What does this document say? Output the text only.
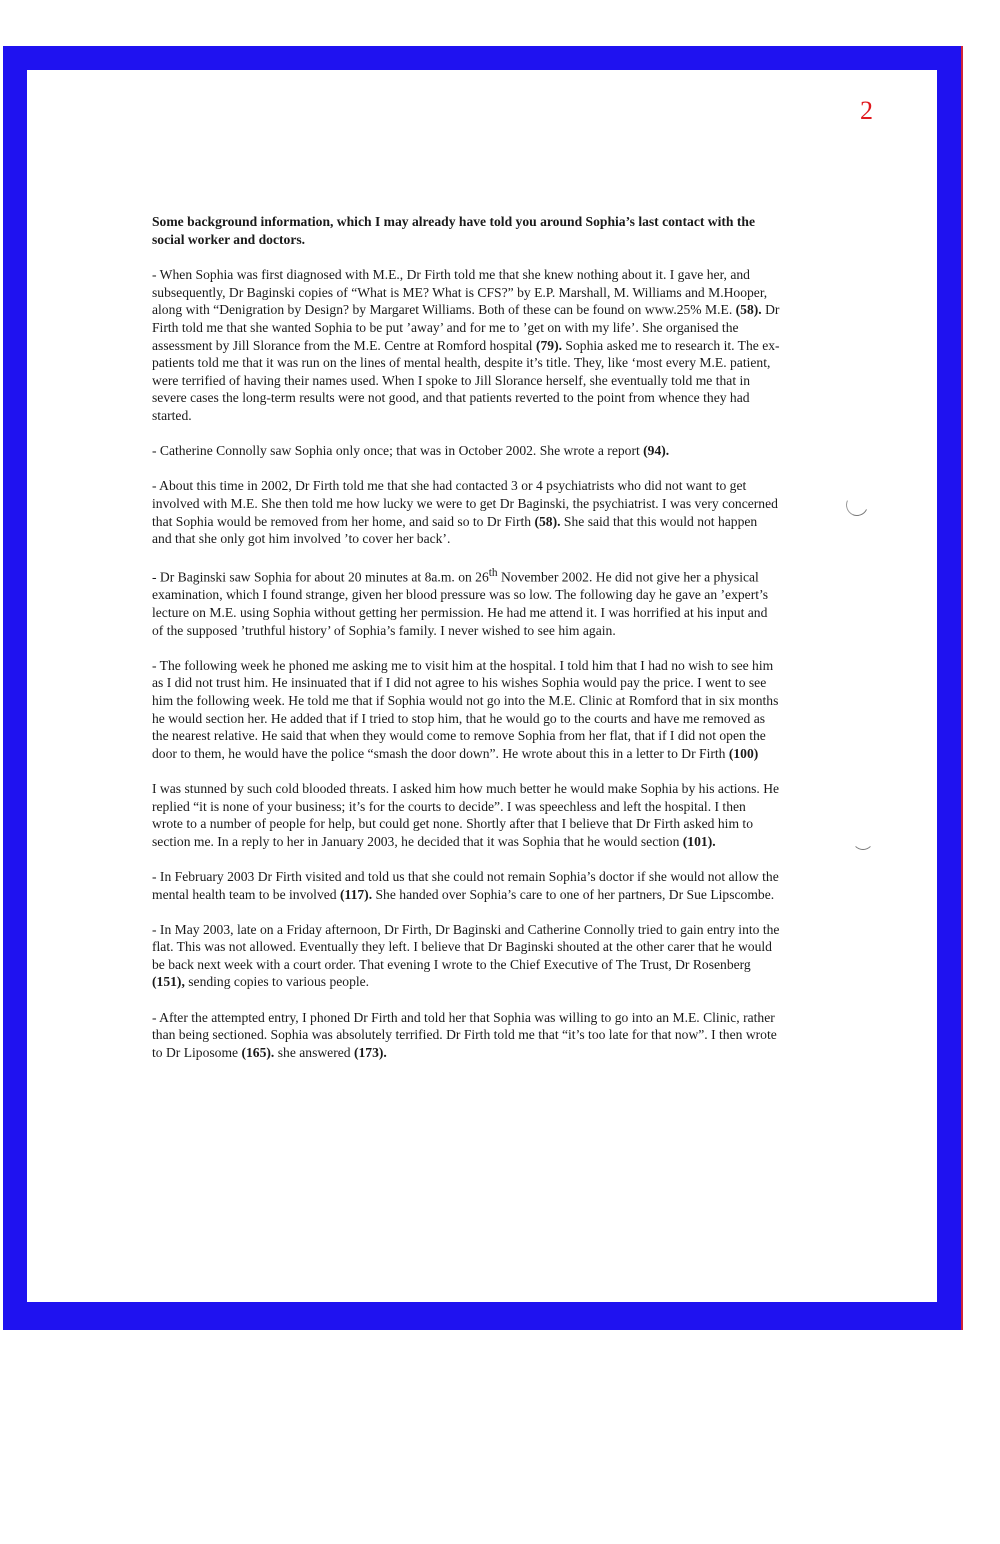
2

Some background information, which I may already have told you around Sophia’s last contact with the social worker and doctors.

- When Sophia was first diagnosed with M.E., Dr Firth told me that she knew nothing about it. I gave her, and subsequently, Dr Baginski copies of “What is ME? What is CFS?” by E.P. Marshall, M. Williams and M.Hooper, along with “Denigration by Design? by Margaret Williams. Both of these can be found on www.25% M.E. (58). Dr Firth told me that she wanted Sophia to be put ’away’ and for me to ’get on with my life’. She organised the assessment by Jill Slorance from the M.E. Centre at Romford hospital (79). Sophia asked me to research it. The ex-patients told me that it was run on the lines of mental health, despite it’s title. They, like ‘most every M.E. patient, were terrified of having their names used. When I spoke to Jill Slorance herself, she eventually told me that in severe cases the long-term results were not good, and that patients reverted to the point from whence they had started.

- Catherine Connolly saw Sophia only once; that was in October 2002. She wrote a report (94).

- About this time in 2002, Dr Firth told me that she had contacted 3 or 4 psychiatrists who did not want to get involved with M.E. She then told me how lucky we were to get Dr Baginski, the psychiatrist. I was very concerned that Sophia would be removed from her home, and said so to Dr Firth (58). She said that this would not happen and that she only got him involved ’to cover her back’.

- Dr Baginski saw Sophia for about 20 minutes at 8a.m. on 26th November 2002. He did not give her a physical examination, which I found strange, given her blood pressure was so low. The following day he gave an ’expert’s lecture on M.E. using Sophia without getting her permission. He had me attend it. I was horrified at his input and of the supposed ’truthful history’ of Sophia’s family. I never wished to see him again.

- The following week he phoned me asking me to visit him at the hospital. I told him that I had no wish to see him as I did not trust him. He insinuated that if I did not agree to his wishes Sophia would pay the price. I went to see him the following week. He told me that if Sophia would not go into the M.E. Clinic at Romford that in six months he would section her. He added that if I tried to stop him, that he would go to the courts and have me removed as the nearest relative. He said that when they would come to remove Sophia from her flat, that if I did not open the door to them, he would have the police “smash the door down”. He wrote about this in a letter to Dr Firth (100)

I was stunned by such cold blooded threats. I asked him how much better he would make Sophia by his actions. He replied “it is none of your business; it’s for the courts to decide”. I was speechless and left the hospital. I then wrote to a number of people for help, but could get none. Shortly after that I believe that Dr Firth asked him to section me. In a reply to her in January 2003, he decided that it was Sophia that he would section (101).

- In February 2003 Dr Firth visited and told us that she could not remain Sophia’s doctor if she would not allow the mental health team to be involved (117). She handed over Sophia’s care to one of her partners, Dr Sue Lipscombe.

- In May 2003, late on a Friday afternoon, Dr Firth, Dr Baginski and Catherine Connolly tried to gain entry into the flat. This was not allowed. Eventually they left. I believe that Dr Baginski shouted at the other carer that he would be back next week with a court order. That evening I wrote to the Chief Executive of The Trust, Dr Rosenberg (151), sending copies to various people.

- After the attempted entry, I phoned Dr Firth and told her that Sophia was willing to go into an M.E. Clinic, rather than being sectioned. Sophia was absolutely terrified. Dr Firth told me that “it’s too late for that now”. I then wrote to Dr Liposome (165). she answered (173).
